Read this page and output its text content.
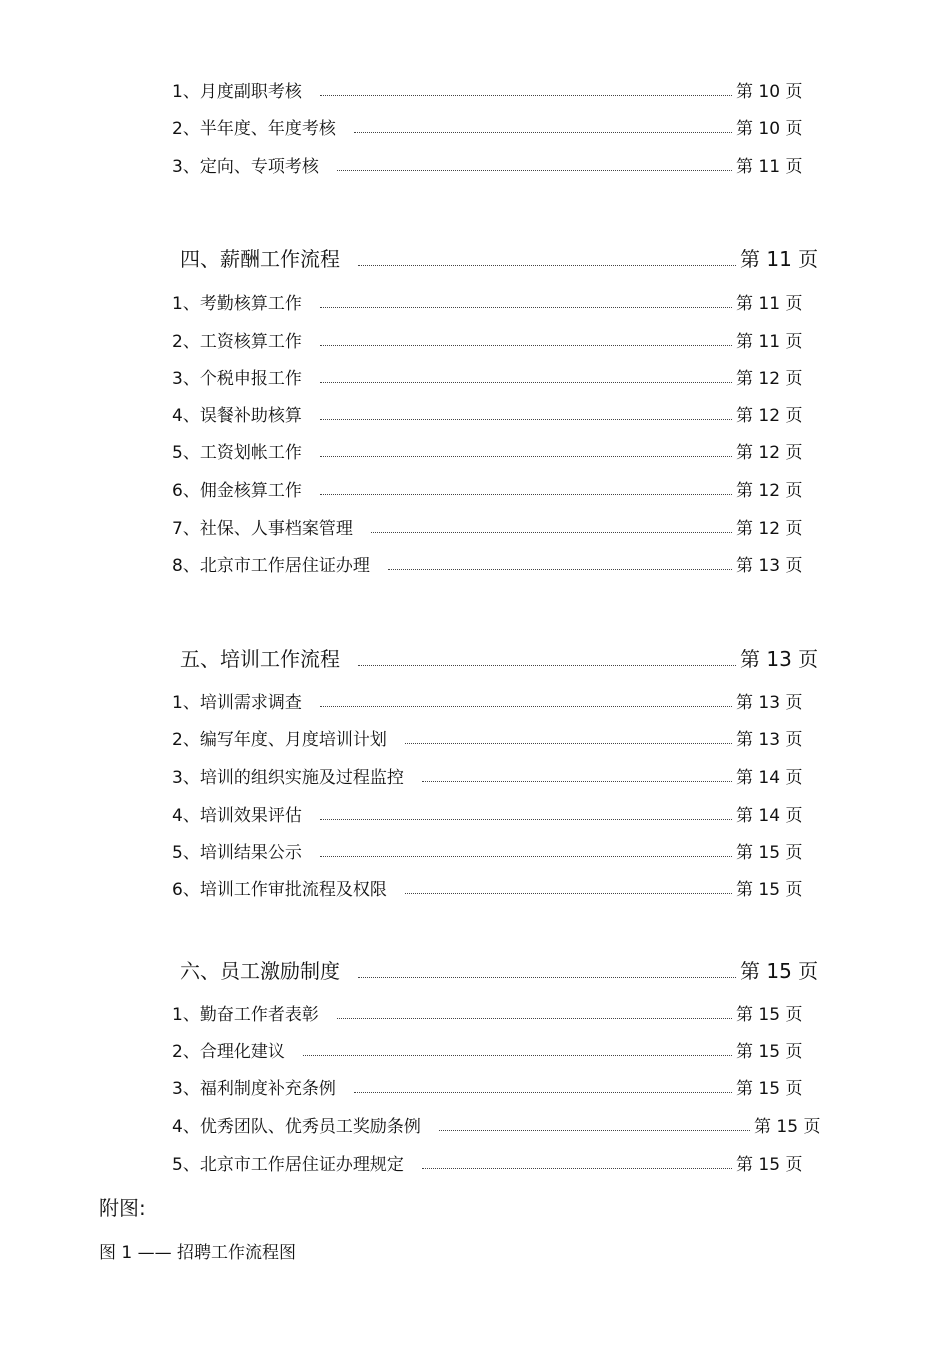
1、月度副职考核	第 10 页
2、半年度、年度考核	第 10 页
3、定向、专项考核	第 11 页
四、薪酬工作流程	第 11 页
1、考勤核算工作	第 11 页
2、工资核算工作	第 11 页
3、个税申报工作	第 12 页
4、误餐补助核算	第 12 页
5、工资划帐工作	第 12 页
6、佣金核算工作	第 12 页
7、社保、人事档案管理	第 12 页
8、北京市工作居住证办理	第 13 页
五、培训工作流程	第 13 页
1、培训需求调查	第 13 页
2、编写年度、月度培训计划	第 13 页
3、培训的组织实施及过程监控	第 14 页
4、培训效果评估	第 14 页
5、培训结果公示	第 15 页
6、培训工作审批流程及权限	第 15 页
六、员工激励制度	第 15 页
1、勤奋工作者表彰	第 15 页
2、合理化建议	第 15 页
3、福利制度补充条例	第 15 页
4、优秀团队、优秀员工奖励条例	第 15 页
5、北京市工作居住证办理规定	第 15 页
附图:
图 1 —— 招聘工作流程图
